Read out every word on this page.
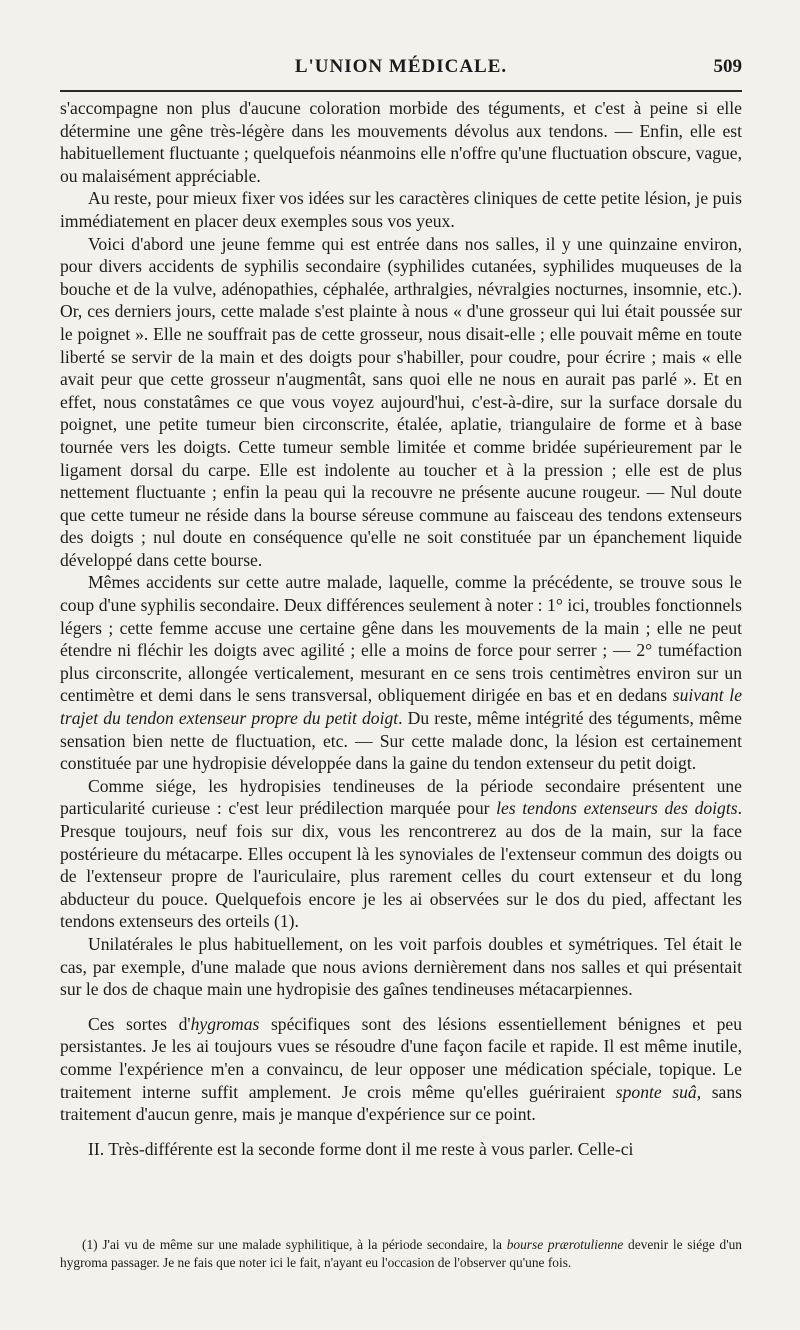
L'UNION MÉDICALE.	509

s'accompagne non plus d'aucune coloration morbide des téguments, et c'est à peine si elle détermine une gêne très-légère dans les mouvements dévolus aux tendons. — Enfin, elle est habituellement fluctuante ; quelquefois néanmoins elle n'offre qu'une fluctuation obscure, vague, ou malaisément appréciable.

Au reste, pour mieux fixer vos idées sur les caractères cliniques de cette petite lésion, je puis immédiatement en placer deux exemples sous vos yeux.

Voici d'abord une jeune femme qui est entrée dans nos salles, il y une quinzaine environ, pour divers accidents de syphilis secondaire (syphilides cutanées, syphilides muqueuses de la bouche et de la vulve, adénopathies, céphalée, arthralgies, névralgies nocturnes, insomnie, etc.). Or, ces derniers jours, cette malade s'est plainte à nous « d'une grosseur qui lui était poussée sur le poignet ». Elle ne souffrait pas de cette grosseur, nous disait-elle ; elle pouvait même en toute liberté se servir de la main et des doigts pour s'habiller, pour coudre, pour écrire ; mais « elle avait peur que cette grosseur n'augmentât, sans quoi elle ne nous en aurait pas parlé ». Et en effet, nous constatâmes ce que vous voyez aujourd'hui, c'est-à-dire, sur la surface dorsale du poignet, une petite tumeur bien circonscrite, étalée, aplatie, triangulaire de forme et à base tournée vers les doigts. Cette tumeur semble limitée et comme bridée supérieurement par le ligament dorsal du carpe. Elle est indolente au toucher et à la pression ; elle est de plus nettement fluctuante ; enfin la peau qui la recouvre ne présente aucune rougeur. — Nul doute que cette tumeur ne réside dans la bourse séreuse commune au faisceau des tendons extenseurs des doigts ; nul doute en conséquence qu'elle ne soit constituée par un épanchement liquide développé dans cette bourse.

Mêmes accidents sur cette autre malade, laquelle, comme la précédente, se trouve sous le coup d'une syphilis secondaire. Deux différences seulement à noter : 1° ici, troubles fonctionnels légers ; cette femme accuse une certaine gêne dans les mouvements de la main ; elle ne peut étendre ni fléchir les doigts avec agilité ; elle a moins de force pour serrer ; — 2° tuméfaction plus circonscrite, allongée verticalement, mesurant en ce sens trois centimètres environ sur un centimètre et demi dans le sens transversal, obliquement dirigée en bas et en dedans suivant le trajet du tendon extenseur propre du petit doigt. Du reste, même intégrité des téguments, même sensation bien nette de fluctuation, etc. — Sur cette malade donc, la lésion est certainement constituée par une hydropisie développée dans la gaine du tendon extenseur du petit doigt.

Comme siége, les hydropisies tendineuses de la période secondaire présentent une particularité curieuse : c'est leur prédilection marquée pour les tendons extenseurs des doigts. Presque toujours, neuf fois sur dix, vous les rencontrerez au dos de la main, sur la face postérieure du métacarpe. Elles occupent là les synoviales de l'extenseur commun des doigts ou de l'extenseur propre de l'auriculaire, plus rarement celles du court extenseur et du long abducteur du pouce. Quelquefois encore je les ai observées sur le dos du pied, affectant les tendons extenseurs des orteils (1).

Unilatérales le plus habituellement, on les voit parfois doubles et symétriques. Tel était le cas, par exemple, d'une malade que nous avions dernièrement dans nos salles et qui présentait sur le dos de chaque main une hydropisie des gaînes tendineuses métacarpiennes.

Ces sortes d'hygromas spécifiques sont des lésions essentiellement bénignes et peu persistantes. Je les ai toujours vues se résoudre d'une façon facile et rapide. Il est même inutile, comme l'expérience m'en a convaincu, de leur opposer une médication spéciale, topique. Le traitement interne suffit amplement. Je crois même qu'elles guériraient sponte suâ, sans traitement d'aucun genre, mais je manque d'expérience sur ce point.

II. Très-différente est la seconde forme dont il me reste à vous parler. Celle-ci

(1) J'ai vu de même sur une malade syphilitique, à la période secondaire, la bourse prærotulienne devenir le siége d'un hygroma passager. Je ne fais que noter ici le fait, n'ayant eu l'occasion de l'observer qu'une fois.
